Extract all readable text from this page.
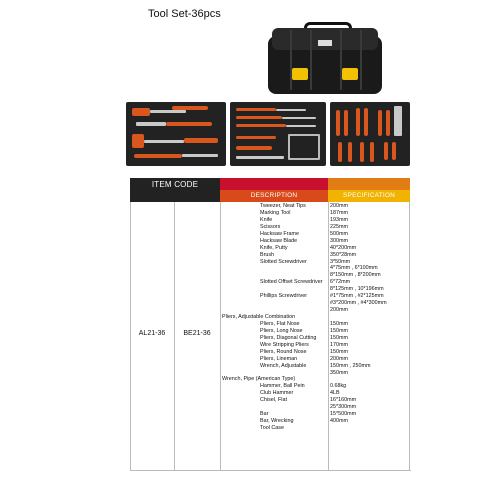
Tool Set-36pcs
ITEM CODE
DESCRIPTION	SPECIFICATION
AL21-36	BE21-36
Tweezer, Neat Tips
Marking Tool
Knife
Scissors
Hacksaw Frame
Hacksaw Blade
Knife, Putty
Brush
Slotted Screwdriver

Slotted Offset Screwdriver

Phillips Screwdriver

Pliers, Adjustable Combination
Pliers, Flat Nose
Pliers, Long Nose
Pliers, Diagonal Cutting
Wire Stripping Pliers
Pliers, Round Nose
Pliers, Lineman
Wrench, Adjustable

Wrench, Pipe (American Type)
Hammer, Ball Pein
Club Hammer
Chisel, Flat

Bar
Bar, Wrecking
Tool Case
200mm
187mm
193mm
225mm
500mm
300mm
40*200mm
350*28mm
3*50mm
4*75mm , 6*100mm
8*150mm , 8*200mm
6*72mm
8*125mm , 10*196mm
#1*75mm , #2*125mm
#3*200mm , #4*300mm
200mm

150mm
150mm
150mm
170mm
150mm
200mm
150mm , 250mm
350mm

0.68kg
4LB
16*160mm
25*300mm
15*500mm
400mm
